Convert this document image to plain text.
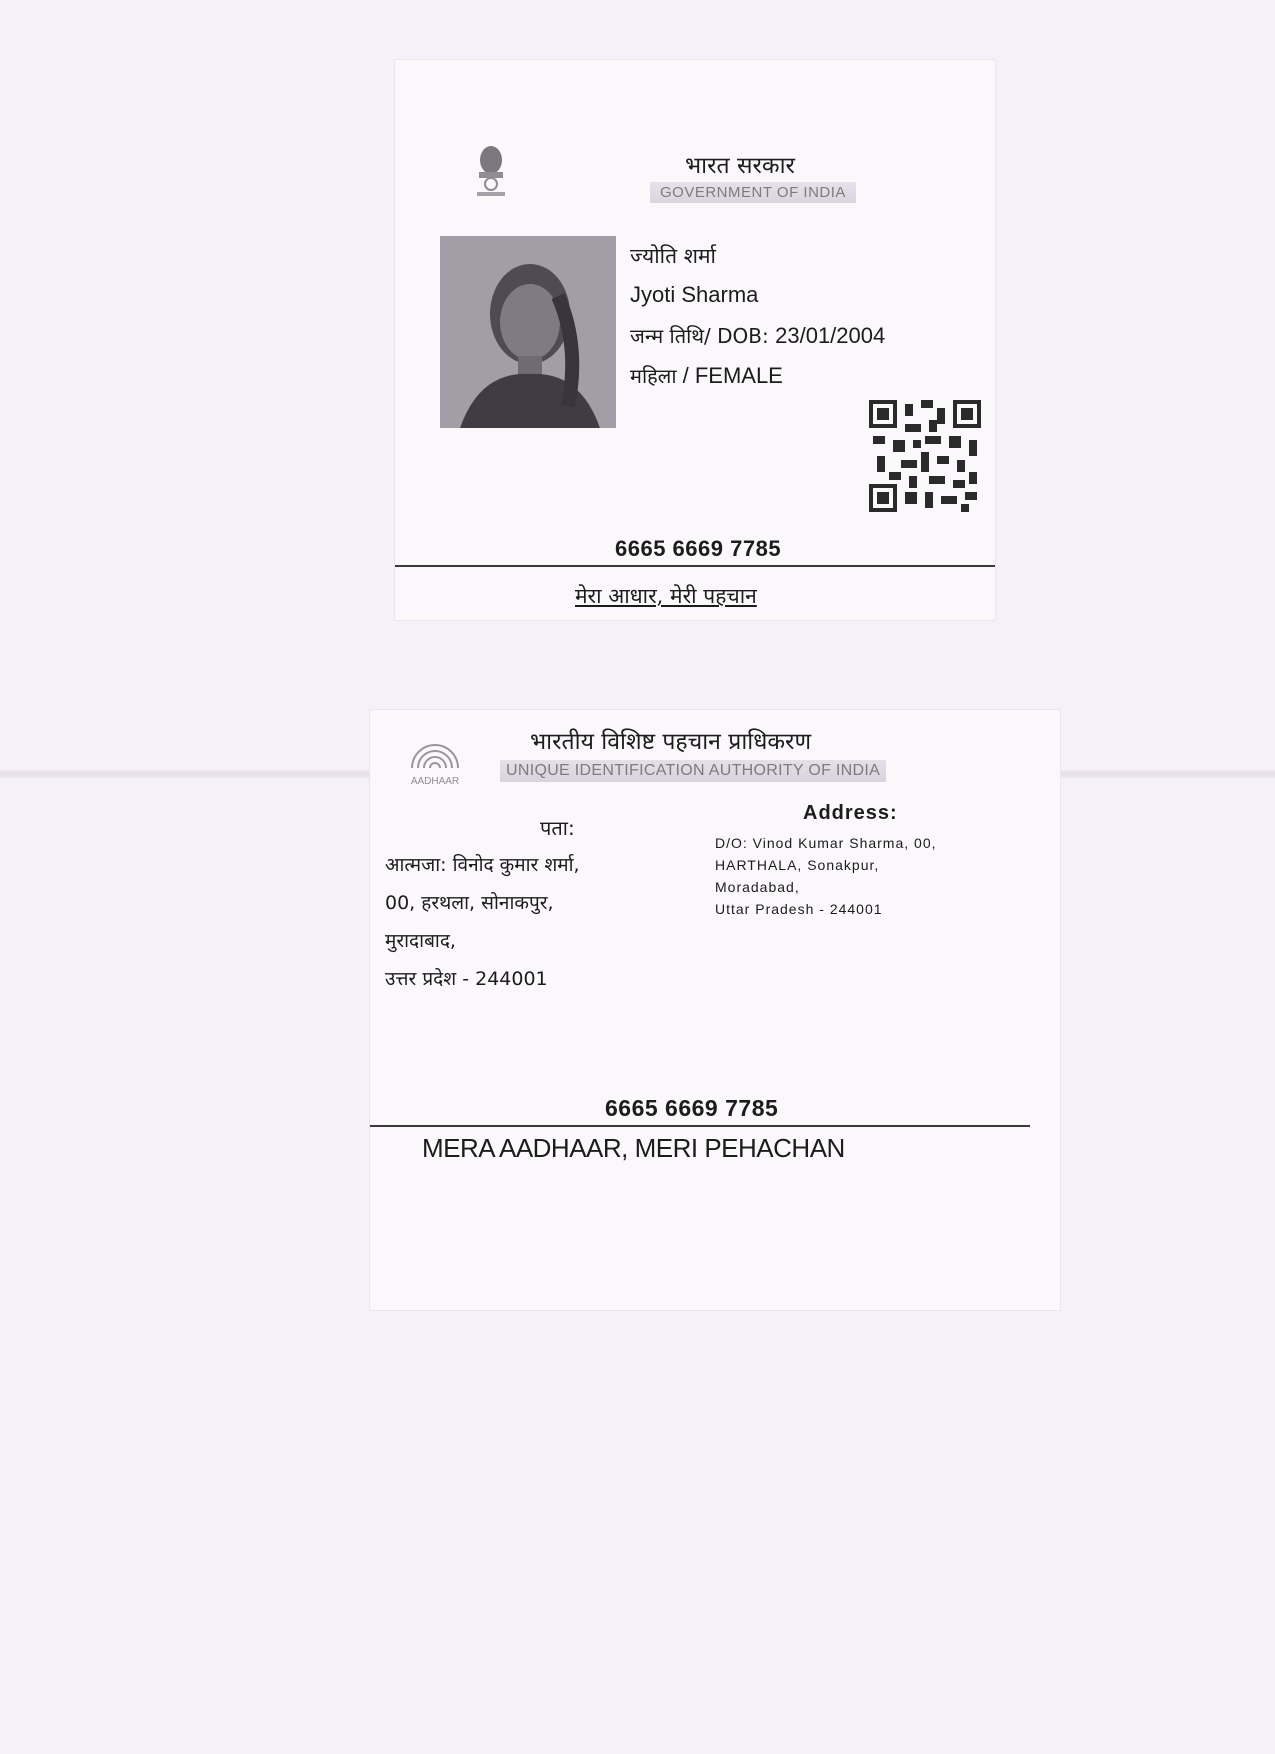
भारत सरकार
GOVERNMENT OF INDIA
ज्योति शर्मा
Jyoti Sharma
जन्म तिथि/ DOB: 23/01/2004
महिला / FEMALE
6665 6669 7785
मेरा आधार, मेरी पहचान
AADHAAR
भारतीय विशिष्ट पहचान प्राधिकरण
UNIQUE IDENTIFICATION AUTHORITY OF INDIA
Address:
पता:
आत्मजा: विनोद कुमार शर्मा,
00, हरथला, सोनाकपुर,
मुरादाबाद,
उत्तर प्रदेश - 244001
D/O: Vinod Kumar Sharma, 00,
HARTHALA, Sonakpur,
Moradabad,
Uttar Pradesh - 244001
6665 6669 7785
MERA AADHAAR, MERI PEHACHAN
